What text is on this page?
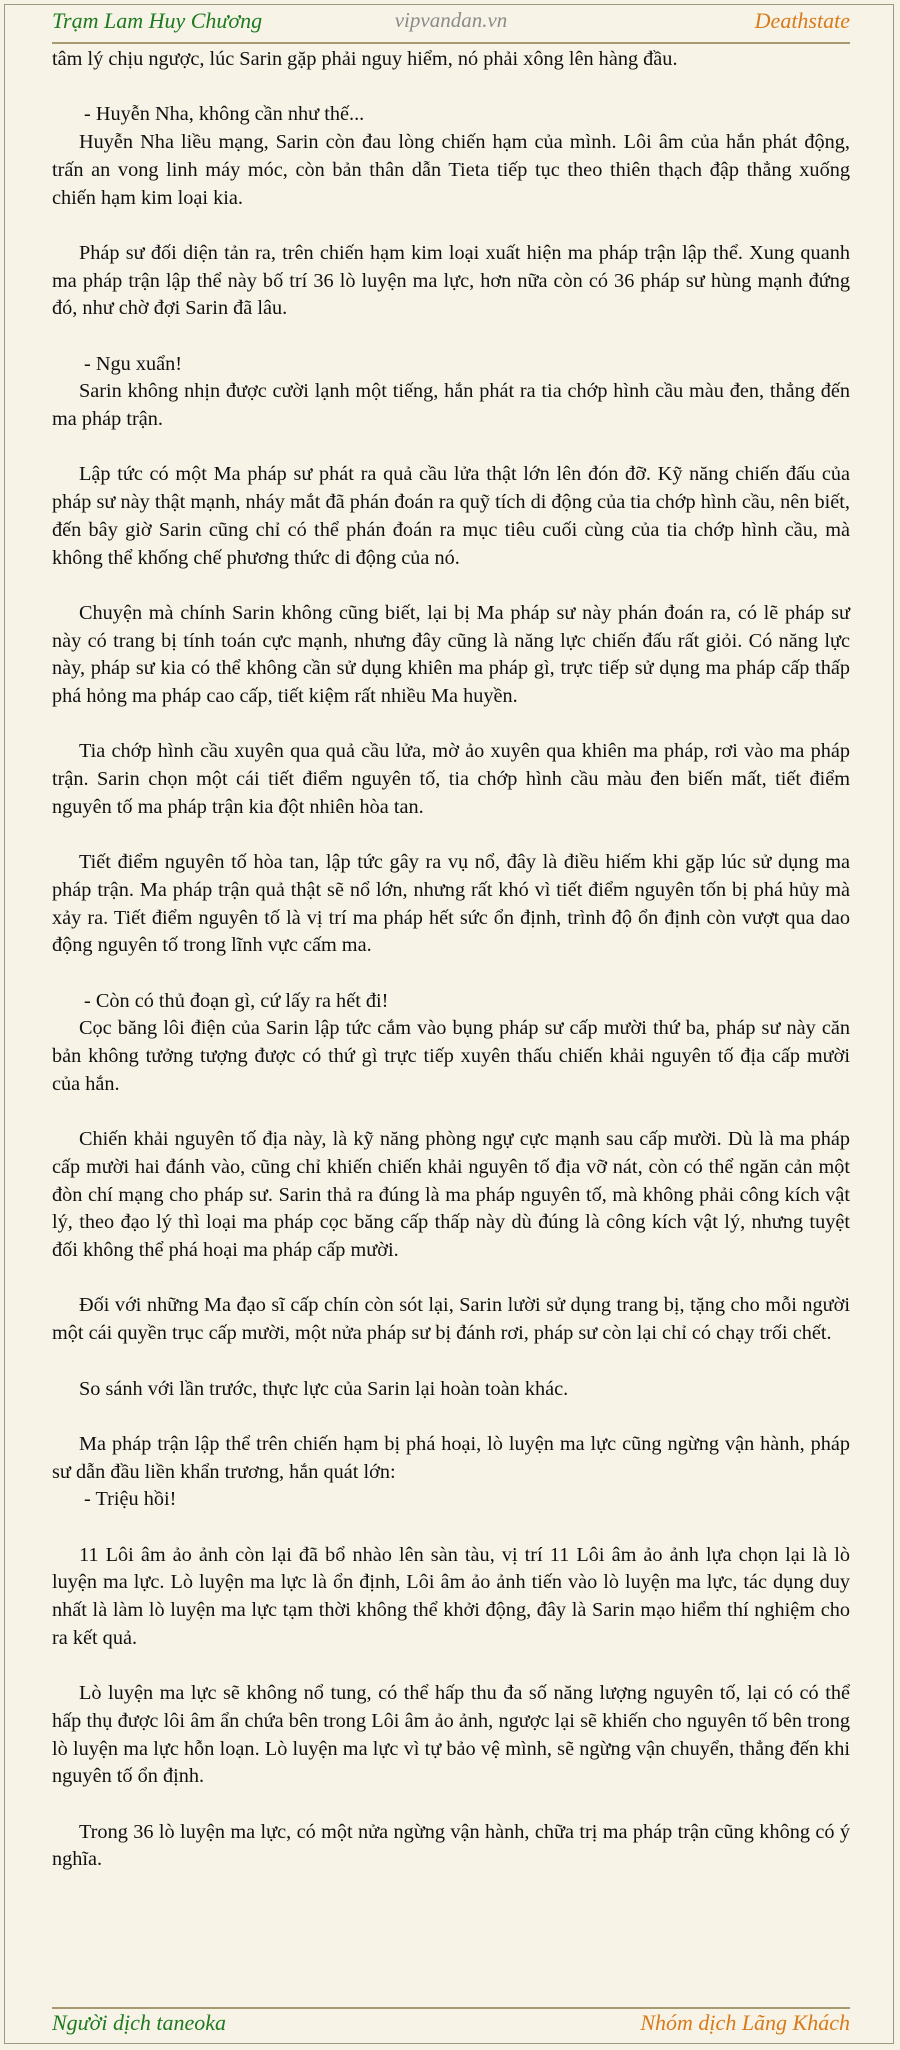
Trạm Lam Huy Chương	vipvandan.vn	Deathstate

tâm lý chịu ngược, lúc Sarin gặp phải nguy hiểm, nó phải xông lên hàng đầu.

- Huyễn Nha, không cần như thế...

Huyễn Nha liều mạng, Sarin còn đau lòng chiến hạm của mình. Lôi âm của hắn phát động, trấn an vong linh máy móc, còn bản thân dẫn Tieta tiếp tục theo thiên thạch đập thẳng xuống chiến hạm kim loại kia.

Pháp sư đối diện tản ra, trên chiến hạm kim loại xuất hiện ma pháp trận lập thể. Xung quanh ma pháp trận lập thể này bố trí 36 lò luyện ma lực, hơn nữa còn có 36 pháp sư hùng mạnh đứng đó, như chờ đợi Sarin đã lâu.

- Ngu xuẩn!

Sarin không nhịn được cười lạnh một tiếng, hắn phát ra tia chớp hình cầu màu đen, thẳng đến ma pháp trận.

Lập tức có một Ma pháp sư phát ra quả cầu lửa thật lớn lên đón đỡ. Kỹ năng chiến đấu của pháp sư này thật mạnh, nháy mắt đã phán đoán ra quỹ tích di động của tia chớp hình cầu, nên biết, đến bây giờ Sarin cũng chỉ có thể phán đoán ra mục tiêu cuối cùng của tia chớp hình cầu, mà không thể khống chế phương thức di động của nó.

Chuyện mà chính Sarin không cũng biết, lại bị Ma pháp sư này phán đoán ra, có lẽ pháp sư này có trang bị tính toán cực mạnh, nhưng đây cũng là năng lực chiến đấu rất giỏi. Có năng lực này, pháp sư kia có thể không cần sử dụng khiên ma pháp gì, trực tiếp sử dụng ma pháp cấp thấp phá hỏng ma pháp cao cấp, tiết kiệm rất nhiều Ma huyền.

Tia chớp hình cầu xuyên qua quả cầu lửa, mờ ảo xuyên qua khiên ma pháp, rơi vào ma pháp trận. Sarin chọn một cái tiết điểm nguyên tố, tia chớp hình cầu màu đen biến mất, tiết điểm nguyên tố ma pháp trận kia đột nhiên hòa tan.

Tiết điểm nguyên tố hòa tan, lập tức gây ra vụ nổ, đây là điều hiếm khi gặp lúc sử dụng ma pháp trận. Ma pháp trận quả thật sẽ nổ lớn, nhưng rất khó vì tiết điểm nguyên tốn bị phá hủy mà xảy ra. Tiết điểm nguyên tố là vị trí ma pháp hết sức ổn định, trình độ ổn định còn vượt qua dao động nguyên tố trong lĩnh vực cấm ma.

- Còn có thủ đoạn gì, cứ lấy ra hết đi!

Cọc băng lôi điện của Sarin lập tức cắm vào bụng pháp sư cấp mười thứ ba, pháp sư này căn bản không tưởng tượng được có thứ gì trực tiếp xuyên thấu chiến khải nguyên tố địa cấp mười của hắn.

Chiến khải nguyên tố địa này, là kỹ năng phòng ngự cực mạnh sau cấp mười. Dù là ma pháp cấp mười hai đánh vào, cũng chỉ khiến chiến khải nguyên tố địa vỡ nát, còn có thể ngăn cản một đòn chí mạng cho pháp sư. Sarin thả ra đúng là ma pháp nguyên tố, mà không phải công kích vật lý, theo đạo lý thì loại ma pháp cọc băng cấp thấp này dù đúng là công kích vật lý, nhưng tuyệt đối không thể phá hoại ma pháp cấp mười.

Đối với những Ma đạo sĩ cấp chín còn sót lại, Sarin lười sử dụng trang bị, tặng cho mỗi người một cái quyền trục cấp mười, một nửa pháp sư bị đánh rơi, pháp sư còn lại chỉ có chạy trối chết.

So sánh với lần trước, thực lực của Sarin lại hoàn toàn khác.

Ma pháp trận lập thể trên chiến hạm bị phá hoại, lò luyện ma lực cũng ngừng vận hành, pháp sư dẫn đầu liền khẩn trương, hắn quát lớn:

- Triệu hồi!

11 Lôi âm ảo ảnh còn lại đã bổ nhào lên sàn tàu, vị trí 11 Lôi âm ảo ảnh lựa chọn lại là lò luyện ma lực. Lò luyện ma lực là ổn định, Lôi âm ảo ảnh tiến vào lò luyện ma lực, tác dụng duy nhất là làm lò luyện ma lực tạm thời không thể khởi động, đây là Sarin mạo hiểm thí nghiệm cho ra kết quả.

Lò luyện ma lực sẽ không nổ tung, có thể hấp thu đa số năng lượng nguyên tố, lại có có thể hấp thụ được lôi âm ẩn chứa bên trong Lôi âm ảo ảnh, ngược lại sẽ khiến cho nguyên tố bên trong lò luyện ma lực hỗn loạn. Lò luyện ma lực vì tự bảo vệ mình, sẽ ngừng vận chuyển, thẳng đến khi nguyên tố ổn định.

Trong 36 lò luyện ma lực, có một nửa ngừng vận hành, chữa trị ma pháp trận cũng không có ý nghĩa.

Người dịch taneoka	Nhóm dịch Lãng Khách
